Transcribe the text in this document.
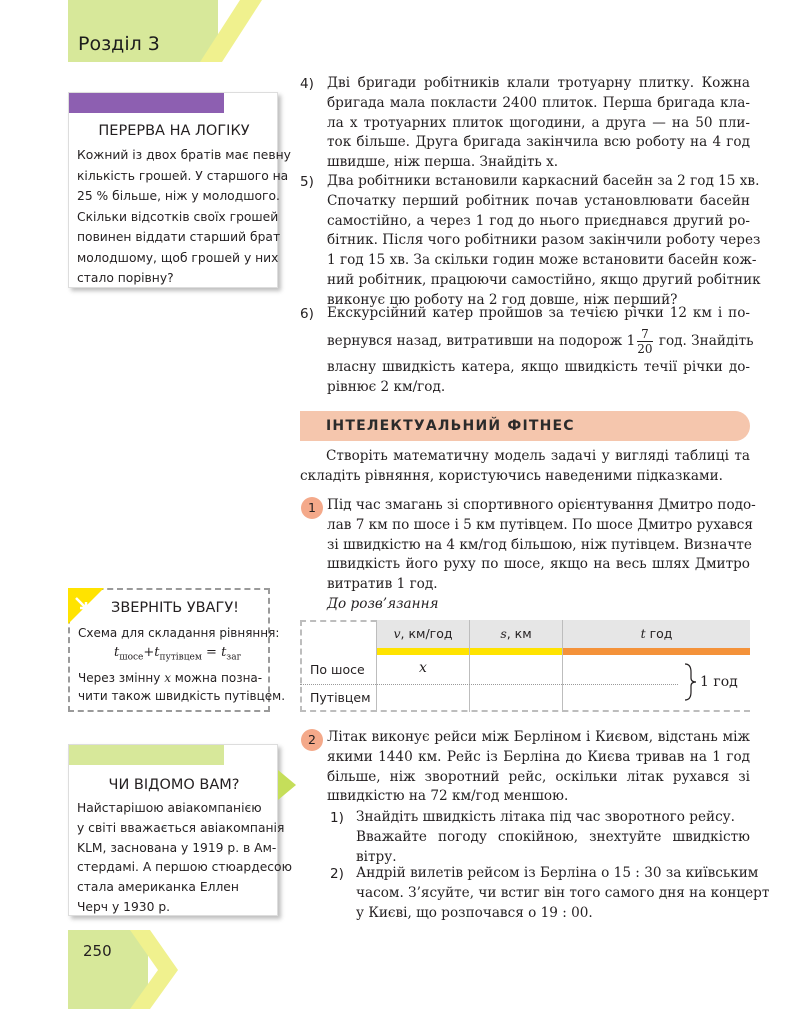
Розділ 3
ПЕРЕРВА НА ЛОГІКУ
Кожний із двох братів має певну
кількість грошей. У старшого на
25 % більше, ніж у молодшого.
Скільки відсотків своїх грошей
повинен віддати старший брат
молодшому, щоб грошей у них
стало порівну?
ЗВЕРНІТЬ УВАГУ!
Схема для складання рівняння:
$t_{шосе}+t_{путівцем} = t_{заг}$
Через змінну x можна позна-
чити також швидкість путівцем.
ЧИ ВІДОМО ВАМ?
Найстарішою авіакомпанією
у світі вважається авіакомпанія
KLM, заснована у 1919 р. в Ам-
стердамі. А першою стюардесою
стала американка Еллен
Черч у 1930 р.
4) Дві бригади робітників клали тротуарну плитку. Кожна
бригада мала покласти 2400 плиток. Перша бригада кла-
ла x тротуарних плиток щогодини, а друга — на 50 пли-
ток більше. Друга бригада закінчила всю роботу на 4 год
швидше, ніж перша. Знайдіть x.
5) Два робітники встановили каркасний басейн за 2 год 15 хв.
Спочатку перший робітник почав установлювати басейн
самостійно, а через 1 год до нього приєднався другий ро-
бітник. Після чого робітники разом закінчили роботу через
1 год 15 хв. За скільки годин може встановити басейн кож-
ний робітник, працюючи самостійно, якщо другий робітник
виконує цю роботу на 2 год довше, ніж перший?
6) Екскурсійний катер пройшов за течією річки 12 км і по-
вернувся назад, витративши на подорож $1 \frac{7}{20}$ год. Знайдіть
власну швидкість катера, якщо швидкість течії річки до-
рівнює 2 км/год.
ІНТЕЛЕКТУАЛЬНИЙ ФІТНЕС
Створіть математичну модель задачі у вигляді таблиці та
складіть рівняння, користуючись наведеними підказками.
1 Під час змагань зі спортивного орієнтування Дмитро подо-
лав 7 км по шосе і 5 км путівцем. По шосе Дмитро рухався
зі швидкістю на 4 км/год більшою, ніж путівцем. Визначте
швидкість його руху по шосе, якщо на весь шлях Дмитро
витратив 1 год.
До розв’язання
v, км/год	s, км	t год
По шосе	x
Путівцем
1 год
2 Літак виконує рейси між Берліном і Києвом, відстань між
якими 1440 км. Рейс із Берліна до Києва тривав на 1 год
більше, ніж зворотний рейс, оскільки літак рухався зі
швидкістю на 72 км/год меншою.
1) Знайдіть швидкість літака під час зворотного рейсу.
Вважайте погоду спокійною, знехтуйте швидкістю
вітру.
2) Андрій вилетів рейсом із Берліна о 15 : 30 за київським
часом. З’ясуйте, чи встиг він того самого дня на концерт
у Києві, що розпочався о 19 : 00.
250
